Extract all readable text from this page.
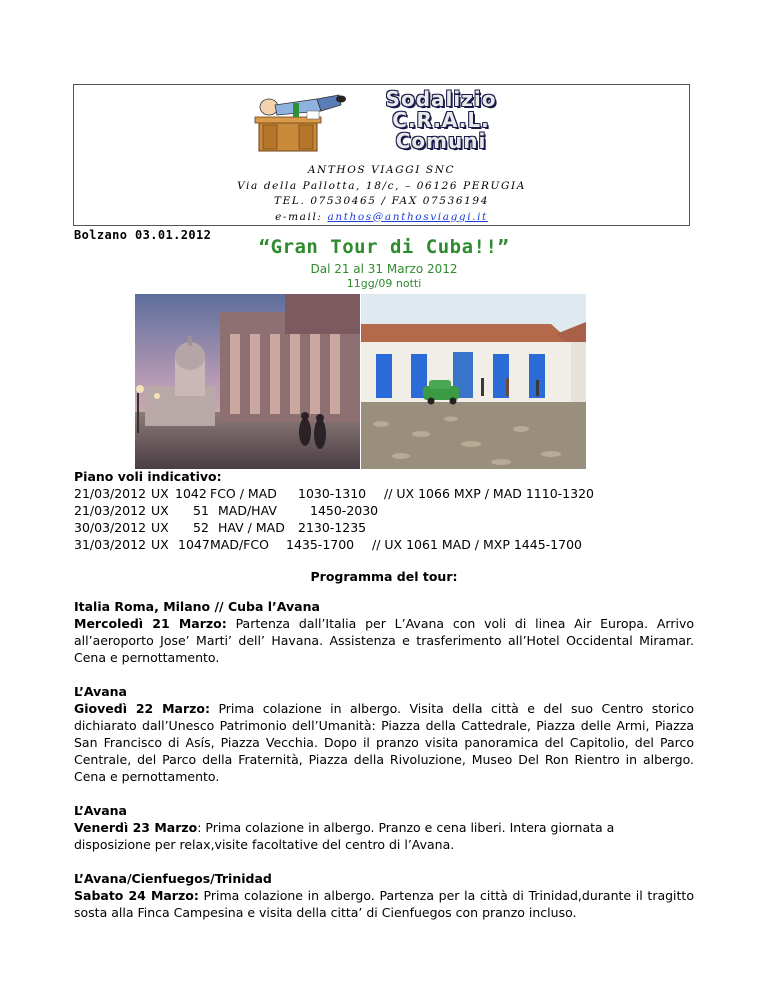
Sodalizio
C.R.A.L.
Comuni
ANTHOS VIAGGI SNC
Via della Pallotta, 18/c, – 06126 PERUGIA
TEL. 07530465 / FAX 07536194
e-mail: anthos@anthosviaggi.it
Bolzano 03.01.2012
“Gran Tour di Cuba!!”
Dal 21 al 31 Marzo 2012
11gg/09 notti
Piano voli indicativo:
21/03/2012 UX 1042 FCO / MAD 1030-1310 // UX 1066 MXP / MAD 1110-1320
21/03/2012 UX 51 MAD/HAV	1450-2030
30/03/2012 UX 52 HAV / MAD 2130-1235
31/03/2012 UX 1047 MAD/FCO 1435-1700 // UX 1061 MAD / MXP 1445-1700
Programma del tour:
Italia Roma, Milano // Cuba l’Avana

Mercoledì 21 Marzo: Partenza dall’Italia per L’Avana con voli di linea Air Europa. Arrivo all’aeroporto Jose’ Marti’ dell’ Havana. Assistenza e trasferimento all’Hotel Occidental Miramar. Cena e pernottamento.

L’Avana

Giovedì 22 Marzo: Prima colazione in albergo. Visita della città e del suo Centro storico dichiarato dall’Unesco Patrimonio dell’Umanità: Piazza della Cattedrale, Piazza delle Armi, Piazza San Francisco di Asís, Piazza Vecchia. Dopo il pranzo visita panoramica del Capitolio, del Parco Centrale, del Parco della Fraternità, Piazza della Rivoluzione, Museo Del Ron Rientro in albergo. Cena e pernottamento.

L’Avana

Venerdì 23 Marzo: Prima colazione in albergo. Pranzo e cena liberi. Intera giornata a disposizione per relax,visite facoltative del centro di l’Avana.

L’Avana/Cienfuegos/Trinidad

Sabato 24 Marzo: Prima colazione in albergo. Partenza per la città di Trinidad,durante il tragitto sosta alla Finca Campesina e visita della citta’ di Cienfuegos con pranzo incluso.
